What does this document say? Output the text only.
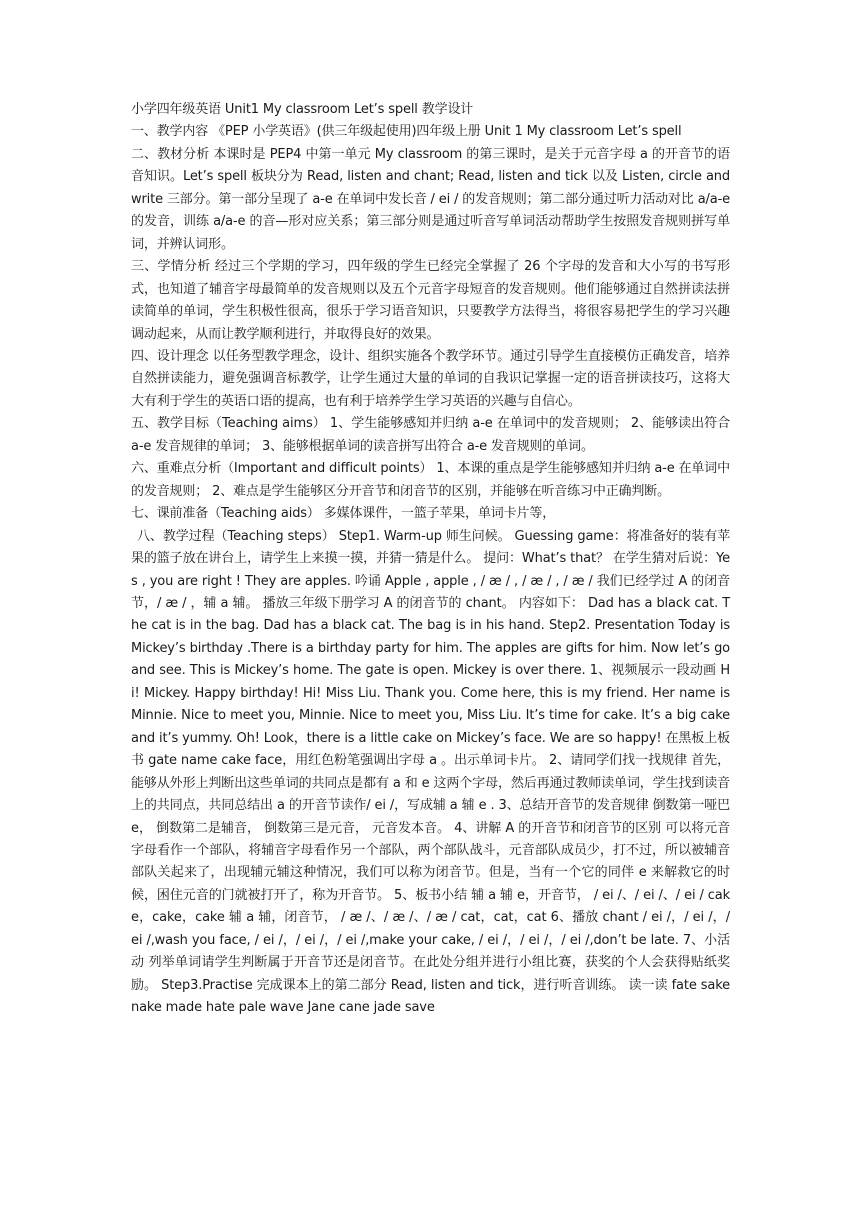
小学四年级英语 Unit1 My classroom Let’s spell 教学设计

一、教学内容 《PEP 小学英语》(供三年级起使用)四年级上册 Unit 1 My classroom Let’s spell

二、教材分析 本课时是 PEP4 中第一单元 My classroom 的第三课时，是关于元音字母 a 的开音节的语音知识。Let’s spell 板块分为 Read, listen and chant; Read, listen and tick 以及 Listen, circle and write 三部分。第一部分呈现了 a-e 在单词中发长音 / ei / 的发音规则；第二部分通过听力活动对比 a/a-e 的发音，训练 a/a-e 的音—形对应关系；第三部分则是通过听音写单词活动帮助学生按照发音规则拼写单词，并辨认词形。

三、学情分析 经过三个学期的学习，四年级的学生已经完全掌握了 26 个字母的发音和大小写的书写形式，也知道了辅音字母最简单的发音规则以及五个元音字母短音的发音规则。他们能够通过自然拼读法拼读简单的单词，学生积极性很高，很乐于学习语音知识，只要教学方法得当，将很容易把学生的学习兴趣调动起来，从而让教学顺利进行，并取得良好的效果。

四、设计理念 以任务型教学理念，设计、组织实施各个教学环节。通过引导学生直接模仿正确发音，培养自然拼读能力，避免强调音标教学，让学生通过大量的单词的自我识记掌握一定的语音拼读技巧，这将大大有利于学生的英语口语的提高，也有利于培养学生学习英语的兴趣与自信心。

五、教学目标（Teaching aims） 1、学生能够感知并归纳 a-e 在单词中的发音规则； 2、能够读出符合 a-e 发音规律的单词； 3、能够根据单词的读音拼写出符合 a-e 发音规则的单词。

六、重难点分析（Important and difficult points） 1、本课的重点是学生能够感知并归纳 a-e 在单词中的发音规则； 2、难点是学生能够区分开音节和闭音节的区别，并能够在听音练习中正确判断。

七、课前准备（Teaching aids） 多媒体课件，一篮子苹果，单词卡片等，

八、教学过程（Teaching steps） Step1. Warm-up 师生问候。 Guessing game：将准备好的装有苹果的篮子放在讲台上，请学生上来摸一摸，并猜一猜是什么。 提问：What’s that？ 在学生猜对后说：Yes , you are right ! They are apples. 吟诵 Apple , apple , / æ / , / æ / , / æ / 我们已经学过 A 的闭音节，/ æ / ，辅 a 辅。 播放三年级下册学习 A 的闭音节的 chant。 内容如下： Dad has a black cat. The cat is in the bag. Dad has a black cat. The bag is in his hand. Step2. Presentation Today is Mickey’s birthday .There is a birthday party for him. The apples are gifts for him. Now let’s go and see. This is Mickey’s home. The gate is open. Mickey is over there. 1、视频展示一段动画 Hi! Mickey. Happy birthday! Hi! Miss Liu. Thank you. Come here, this is my friend. Her name is Minnie. Nice to meet you, Minnie. Nice to meet you, Miss Liu. It’s time for cake. It’s a big cake and it’s yummy. Oh! Look，there is a little cake on Mickey’s face. We are so happy! 在黑板上板书 gate name cake face，用红色粉笔强调出字母 a 。出示单词卡片。 2、请同学们找一找规律 首先，能够从外形上判断出这些单词的共同点是都有 a 和 e 这两个字母，然后再通过教师读单词，学生找到读音上的共同点，共同总结出 a 的开音节读作/ ei /，写成辅 a 辅 e . 3、总结开音节的发音规律 倒数第一哑巴 e， 倒数第二是辅音， 倒数第三是元音， 元音发本音。 4、讲解 A 的开音节和闭音节的区别 可以将元音字母看作一个部队，将辅音字母看作另一个部队，两个部队战斗，元音部队成员少，打不过，所以被辅音部队关起来了，出现辅元辅这种情况，我们可以称为闭音节。但是，当有一个它的同伴 e 来解救它的时候，困住元音的门就被打开了，称为开音节。 5、板书小结 辅 a 辅 e，开音节， / ei /、/ ei /、/ ei / cake，cake，cake 辅 a 辅，闭音节， / æ /、/ æ /、/ æ / cat，cat，cat 6、播放 chant / ei /，/ ei /，/ ei /,wash you face, / ei /，/ ei /，/ ei /,make your cake, / ei /，/ ei /，/ ei /,don’t be late. 7、小活动 列举单词请学生判断属于开音节还是闭音节。在此处分组并进行小组比赛，获奖的个人会获得贴纸奖励。 Step3.Practise 完成课本上的第二部分 Read, listen and tick，进行听音训练。 读一读 fate sake nake made hate pale wave Jane cane jade save
